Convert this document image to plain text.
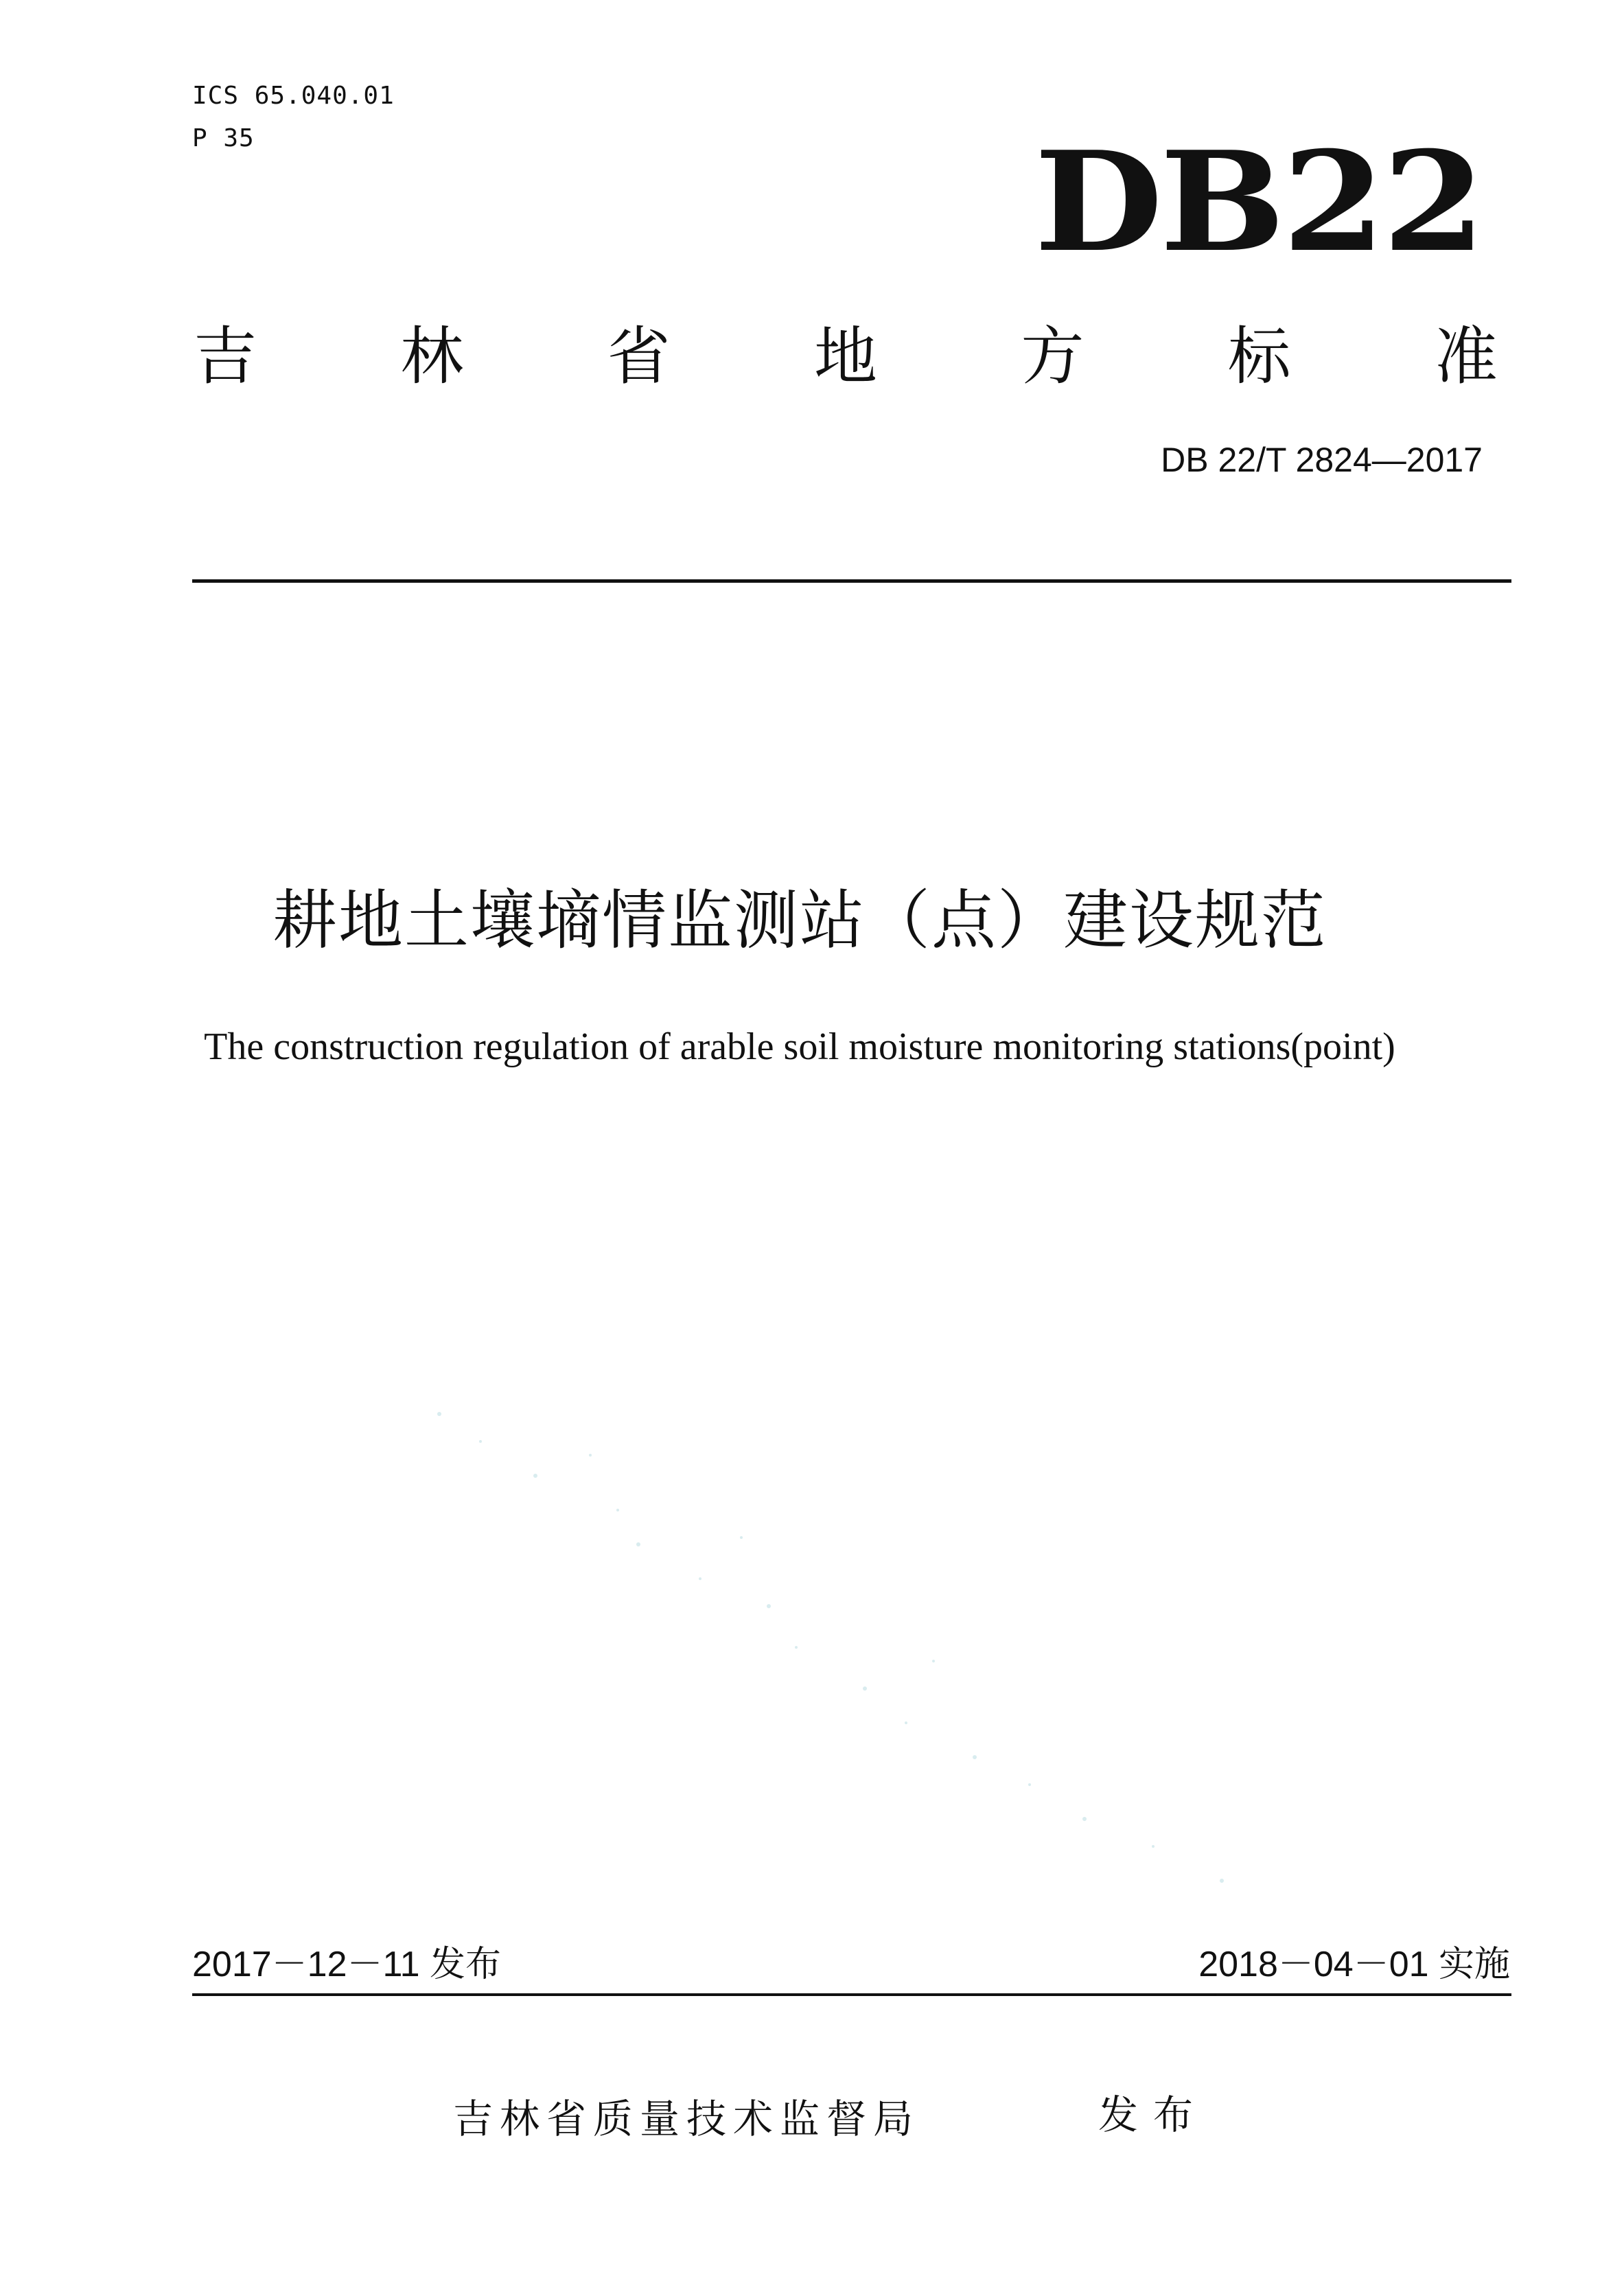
ICS 65.040.01
P 35	DB22
吉 林 省 地 方 标 准
DB 22/T 2824—2017
耕地土壤墒情监测站（点）建设规范
The construction regulation of arable soil moisture monitoring stations(point)
2017－12－11 发布	2018－04－01 实施
吉林省质量技术监督局	发布
